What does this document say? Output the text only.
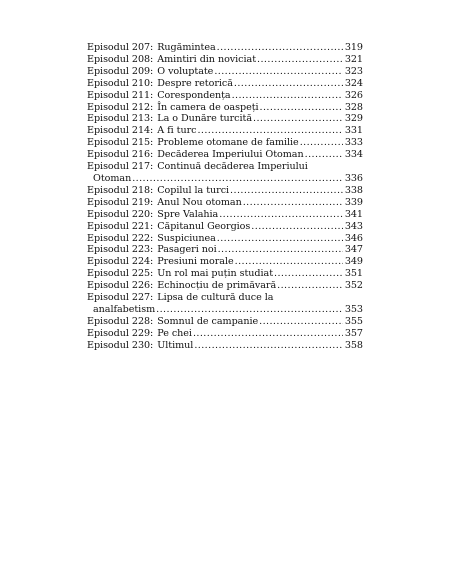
Episodul 207: Rugămintea .....	319
Episodul 208: Amintiri din noviciat .....	321
Episodul 209: O voluptate .....	323
Episodul 210: Despre retorică .....	324
Episodul 211: Corespondența .....	326
Episodul 212: În camera de oaspeți .....	328
Episodul 213: La o Dunăre turcită .....	329
Episodul 214: A fi turc .....	331
Episodul 215: Probleme otomane de familie .....	333
Episodul 216: Decăderea Imperiului Otoman .....	334
Episodul 217: Continuă decăderea Imperiului
Otoman .....	336
Episodul 218: Copilul la turci .....	338
Episodul 219: Anul Nou otoman .....	339
Episodul 220: Spre Valahia .....	341
Episodul 221: Căpitanul Georgios .....	343
Episodul 222: Suspiciunea .....	346
Episodul 223: Pasageri noi .....	347
Episodul 224: Presiuni morale .....	349
Episodul 225: Un rol mai puțin studiat .....	351
Episodul 226: Echinocțiu de primăvară .....	352
Episodul 227: Lipsa de cultură duce la
analfabetism .....	353
Episodul 228: Somnul de campanie .....	355
Episodul 229: Pe chei .....	357
Episodul 230: Ultimul .....	358
